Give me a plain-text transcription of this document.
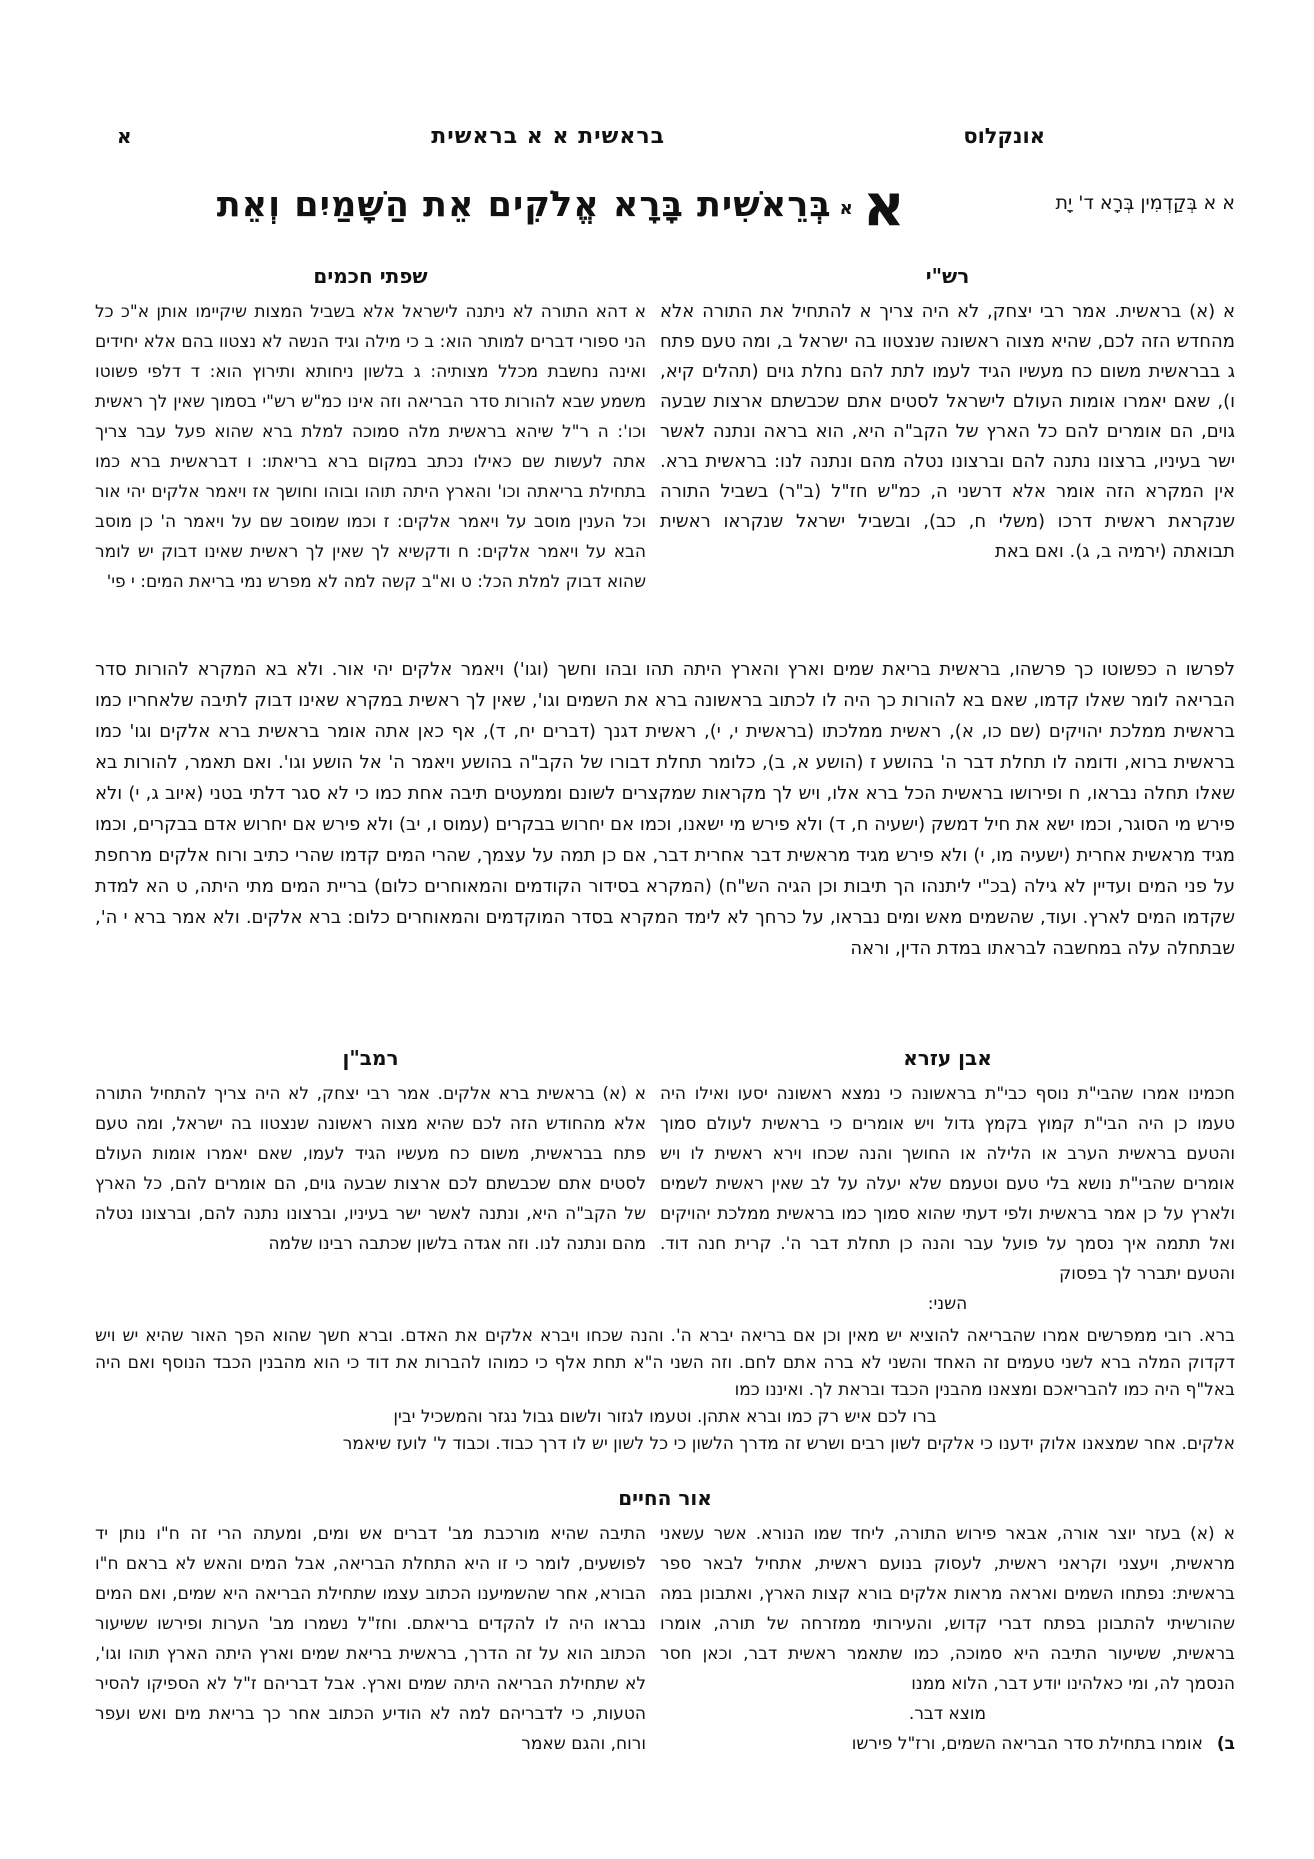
אונקלוס
בראשית א א בראשית
א
א א בְּקַדְמִין בְּרָא ד' יָת
א
א
בְּרֵאשִׁית בָּרָא אֱלֹקִים אֵת הַשָּׁמַיִם וְאֵת
רש"י
א (א) בראשית. אמר רבי יצחק, לא היה צריך א להתחיל את התורה אלא מהחדש הזה לכם, שהיא מצוה ראשונה שנצטוו בה ישראל ב, ומה טעם פתח ג בבראשית משום כח מעשיו הגיד לעמו לתת להם נחלת גוים (תהלים קיא, ו), שאם יאמרו אומות העולם לישראל לסטים אתם שכבשתם ארצות שבעה גוים, הם אומרים להם כל הארץ של הקב"ה היא, הוא בראה ונתנה לאשר ישר בעיניו, ברצונו נתנה להם וברצונו נטלה מהם ונתנה לנו: בראשית ברא. אין המקרא הזה אומר אלא דרשני ה, כמ"ש חז"ל (ב"ר) בשביל התורה שנקראת ראשית דרכו (משלי ח, כב), ובשביל ישראל שנקראו ראשית תבואתה (ירמיה ב, ג). ואם באת
שפתי חכמים
א דהא התורה לא ניתנה לישראל אלא בשביל המצות שיקיימו אותן א"כ כל הני ספורי דברים למותר הוא: ב כי מילה וגיד הנשה לא נצטוו בהם אלא יחידים ואינה נחשבת מכלל מצותיה: ג בלשון ניחותא ותירוץ הוא: ד דלפי פשוטו משמע שבא להורות סדר הבריאה וזה אינו כמ"ש רש"י בסמוך שאין לך ראשית וכו': ה ר"ל שיהא בראשית מלה סמוכה למלת ברא שהוא פעל עבר צריך אתה לעשות שם כאילו נכתב במקום ברא בריאתו: ו דבראשית ברא כמו בתחילת בריאתה וכו' והארץ היתה תוהו ובוהו וחושך אז ויאמר אלקים יהי אור וכל הענין מוסב על ויאמר אלקים: ז וכמו שמוסב שם על ויאמר ה' כן מוסב הבא על ויאמר אלקים: ח ודקשיא לך שאין לך ראשית שאינו דבוק יש לומר שהוא דבוק למלת הכל: ט וא"ב קשה למה לא מפרש נמי בריאת המים: י פי'
לפרשו ה כפשוטו כך פרשהו, בראשית בריאת שמים וארץ והארץ היתה תהו ובהו וחשך (וגו') ויאמר אלקים יהי אור. ולא בא המקרא להורות סדר הבריאה לומר שאלו קדמו, שאם בא להורות כך היה לו לכתוב בראשונה ברא את השמים וגו', שאין לך ראשית במקרא שאינו דבוק לתיבה שלאחריו כמו בראשית ממלכת יהויקים (שם כו, א), ראשית ממלכתו (בראשית י, י), ראשית דגנך (דברים יח, ד), אף כאן אתה אומר בראשית ברא אלקים וגו' כמו בראשית ברוא, ודומה לו תחלת דבר ה' בהושע ז (הושע א, ב), כלומר תחלת דבורו של הקב"ה בהושע ויאמר ה' אל הושע וגו'. ואם תאמר, להורות בא שאלו תחלה נבראו, ח ופירושו בראשית הכל ברא אלו, ויש לך מקראות שמקצרים לשונם וממעטים תיבה אחת כמו כי לא סגר דלתי בטני (איוב ג, י) ולא פירש מי הסוגר, וכמו ישא את חיל דמשק (ישעיה ח, ד) ולא פירש מי ישאנו, וכמו אם יחרוש בבקרים (עמוס ו, יב) ולא פירש אם יחרוש אדם בבקרים, וכמו מגיד מראשית אחרית (ישעיה מו, י) ולא פירש מגיד מראשית דבר אחרית דבר, אם כן תמה על עצמך, שהרי המים קדמו שהרי כתיב ורוח אלקים מרחפת על פני המים ועדיין לא גילה (בכ"י ליתנהו הך תיבות וכן הגיה הש"ח) (המקרא בסידור הקודמים והמאוחרים כלום) בריית המים מתי היתה, ט הא למדת שקדמו המים לארץ. ועוד, שהשמים מאש ומים נבראו, על כרחך לא לימד המקרא בסדר המוקדמים והמאוחרים כלום: ברא אלקים. ולא אמר ברא י ה', שבתחלה עלה במחשבה לבראתו במדת הדין, וראה
אבן עזרא
חכמינו אמרו שהבי"ת נוסף כבי"ת בראשונה כי נמצא ראשונה יסעו ואילו היה טעמו כן היה הבי"ת קמוץ בקמץ גדול ויש אומרים כי בראשית לעולם סמוך והטעם בראשית הערב או הלילה או החושך והנה שכחו וירא ראשית לו ויש אומרים שהבי"ת נושא בלי טעם וטעמם שלא יעלה על לב שאין ראשית לשמים ולארץ על כן אמר בראשית ולפי דעתי שהוא סמוך כמו בראשית ממלכת יהויקים ואל תתמה איך נסמך על פועל עבר והנה כן תחלת דבר ה'. קרית חנה דוד. והטעם יתברר לך בפסוק
השני:
רמב"ן
א (א) בראשית ברא אלקים. אמר רבי יצחק, לא היה צריך להתחיל התורה אלא מהחודש הזה לכם שהיא מצוה ראשונה שנצטוו בה ישראל, ומה טעם פתח בבראשית, משום כח מעשיו הגיד לעמו, שאם יאמרו אומות העולם לסטים אתם שכבשתם לכם ארצות שבעה גוים, הם אומרים להם, כל הארץ של הקב"ה היא, ונתנה לאשר ישר בעיניו, וברצונו נתנה להם, וברצונו נטלה מהם ונתנה לנו. וזה אגדה בלשון שכתבה רבינו שלמה
ברא. רובי ממפרשים אמרו שהבריאה להוציא יש מאין וכן אם בריאה יברא ה'. והנה שכחו ויברא אלקים את האדם. וברא חשך שהוא הפך האור שהיא יש ויש דקדוק המלה ברא לשני טעמים זה האחד והשני לא ברה אתם לחם. וזה השני ה"א תחת אלף כי כמוהו להברות את דוד כי הוא מהבנין הכבד הנוסף ואם היה באל"ף היה כמו להבריאכם ומצאנו מהבנין הכבד ובראת לך. ואיננו כמו
ברו לכם איש רק כמו וברא אתהן. וטעמו לגזור ולשום גבול נגזר והמשכיל יבין
אלקים. אחר שמצאנו אלוק ידענו כי אלקים לשון רבים ושרש זה מדרך הלשון כי כל לשון יש לו דרך כבוד. וכבוד ל' לועז שיאמר
אור החיים
א (א) בעזר יוצר אורה, אבאר פירוש התורה, ליחד שמו הנורא. אשר עשאני מראשית, ויעצני וקראני ראשית, לעסוק בנועם ראשית, אתחיל לבאר ספר בראשית: נפתחו השמים ואראה מראות אלקים בורא קצות הארץ, ואתבונן במה שהורשיתי להתבונן בפתח דברי קדוש, והעירותי ממזרחה של תורה, אומרו בראשית, ששיעור התיבה היא סמוכה, כמו שתאמר ראשית דבר, וכאן חסר הנסמך לה, ומי כאלהינו יודע דבר, הלוא ממנו
מוצא דבר.
ב)אומרו בתחילת סדר הבריאה השמים, ורז"ל פירשו
התיבה שהיא מורכבת מב' דברים אש ומים, ומעתה הרי זה ח"ו נותן יד לפושעים, לומר כי זו היא התחלת הבריאה, אבל המים והאש לא בראם ח"ו הבורא, אחר שהשמיענו הכתוב עצמו שתחילת הבריאה היא שמים, ואם המים נבראו היה לו להקדים בריאתם. וחז"ל נשמרו מב' הערות ופירשו ששיעור הכתוב הוא על זה הדרך, בראשית בריאת שמים וארץ היתה הארץ תוהו וגו', לא שתחילת הבריאה היתה שמים וארץ. אבל דבריהם ז"ל לא הספיקו להסיר הטעות, כי לדבריהם למה לא הודיע הכתוב אחר כך בריאת מים ואש ועפר ורוח, והגם שאמר
